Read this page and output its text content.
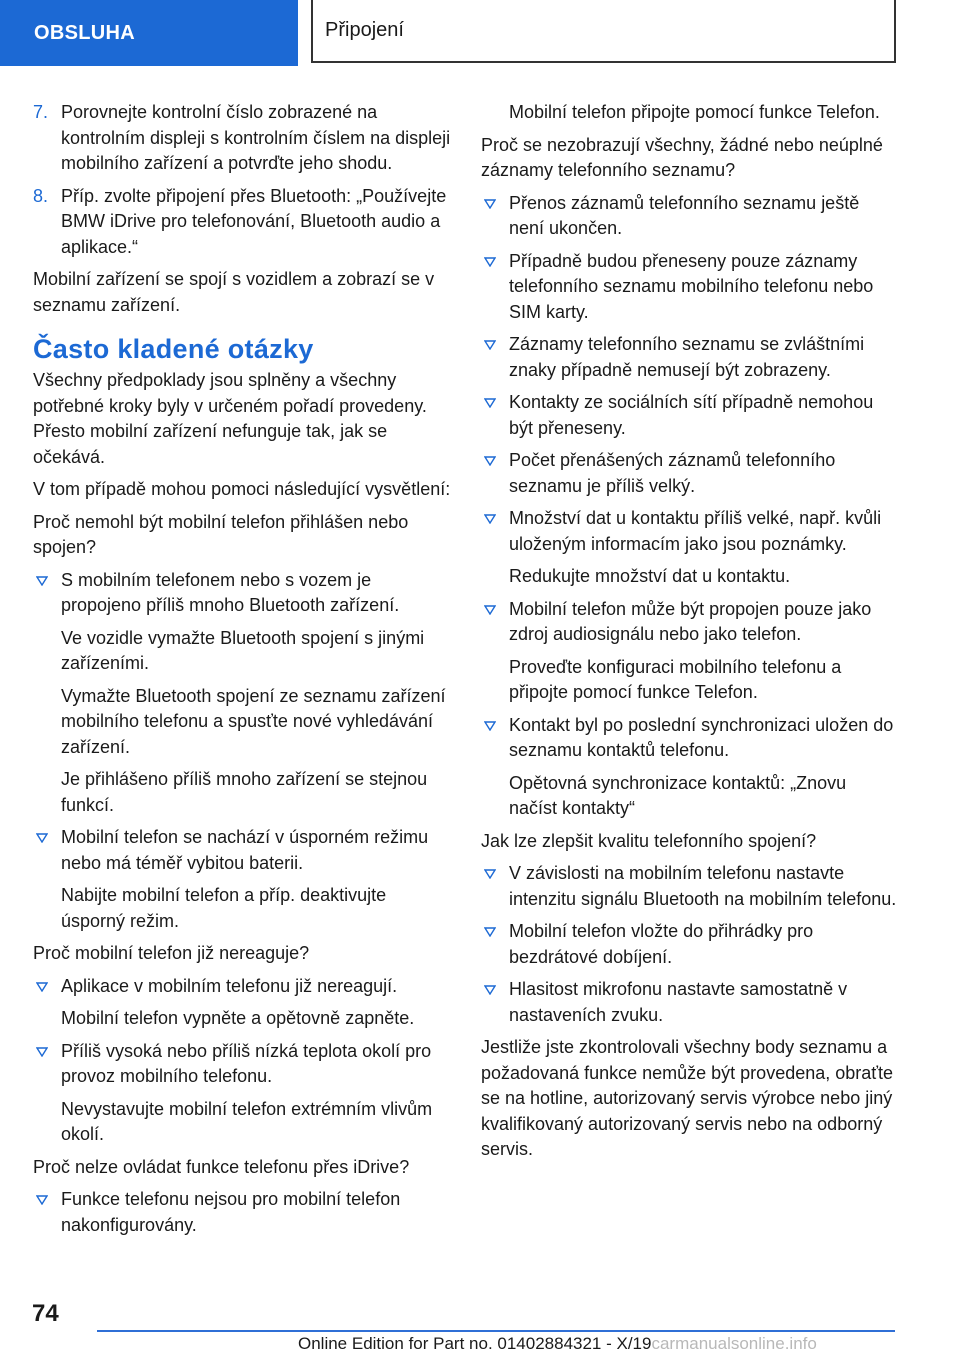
OBSLUHA	Připojení
7. Porovnejte kontrolní číslo zobrazené na kontrolním displeji s kontrolním číslem na displeji mobilního zařízení a potvrďte jeho shodu.
8. Příp. zvolte připojení přes Bluetooth: „Používejte BMW iDrive pro telefonování, Bluetooth audio a aplikace.“

Mobilní zařízení se spojí s vozidlem a zobrazí se v seznamu zařízení.

Často kladené otázky

Všechny předpoklady jsou splněny a všechny potřebné kroky byly v určeném pořadí provedeny. Přesto mobilní zařízení nefunguje tak, jak se očekává.

V tom případě mohou pomoci následující vysvětlení:

Proč nemohl být mobilní telefon přihlášen nebo spojen?

S mobilním telefonem nebo s vozem je propojeno příliš mnoho Bluetooth zařízení.

Ve vozidle vymažte Bluetooth spojení s jinými zařízeními.

Vymažte Bluetooth spojení ze seznamu zařízení mobilního telefonu a spusťte nové vyhledávání zařízení.

Je přihlášeno příliš mnoho zařízení se stejnou funkcí.

Mobilní telefon se nachází v úsporném režimu nebo má téměř vybitou baterii.

Nabijte mobilní telefon a příp. deaktivujte úsporný režim.

Proč mobilní telefon již nereaguje?

Aplikace v mobilním telefonu již nereagují.

Mobilní telefon vypněte a opětovně zapněte.

Příliš vysoká nebo příliš nízká teplota okolí pro provoz mobilního telefonu.

Nevystavujte mobilní telefon extrémním vlivům okolí.

Proč nelze ovládat funkce telefonu přes iDrive?

Funkce telefonu nejsou pro mobilní telefon nakonfigurovány.

Mobilní telefon připojte pomocí funkce Telefon.

Proč se nezobrazují všechny, žádné nebo neúplné záznamy telefonního seznamu?

Přenos záznamů telefonního seznamu ještě není ukončen.
Případně budou přeneseny pouze záznamy telefonního seznamu mobilního telefonu nebo SIM karty.
Záznamy telefonního seznamu se zvláštními znaky případně nemusejí být zobrazeny.
Kontakty ze sociálních sítí případně nemohou být přeneseny.
Počet přenášených záznamů telefonního seznamu je příliš velký.
Množství dat u kontaktu příliš velké, např. kvůli uloženým informacím jako jsou poznámky.

Redukujte množství dat u kontaktu.

Mobilní telefon může být propojen pouze jako zdroj audiosignálu nebo jako telefon.

Proveďte konfiguraci mobilního telefonu a připojte pomocí funkce Telefon.

Kontakt byl po poslední synchronizaci uložen do seznamu kontaktů telefonu.

Opětovná synchronizace kontaktů: „Znovu načíst kontakty“

Jak lze zlepšit kvalitu telefonního spojení?

V závislosti na mobilním telefonu nastavte intenzitu signálu Bluetooth na mobilním telefonu.
Mobilní telefon vložte do přihrádky pro bezdrátové dobíjení.
Hlasitost mikrofonu nastavte samostatně v nastaveních zvuku.

Jestliže jste zkontrolovali všechny body seznamu a požadovaná funkce nemůže být provedena, obraťte se na hotline, autorizovaný servis výrobce nebo jiný kvalifikovaný autorizovaný servis nebo na odborný servis.

74
Online Edition for Part no. 01402884321 - X/19carmanualsonline.info
